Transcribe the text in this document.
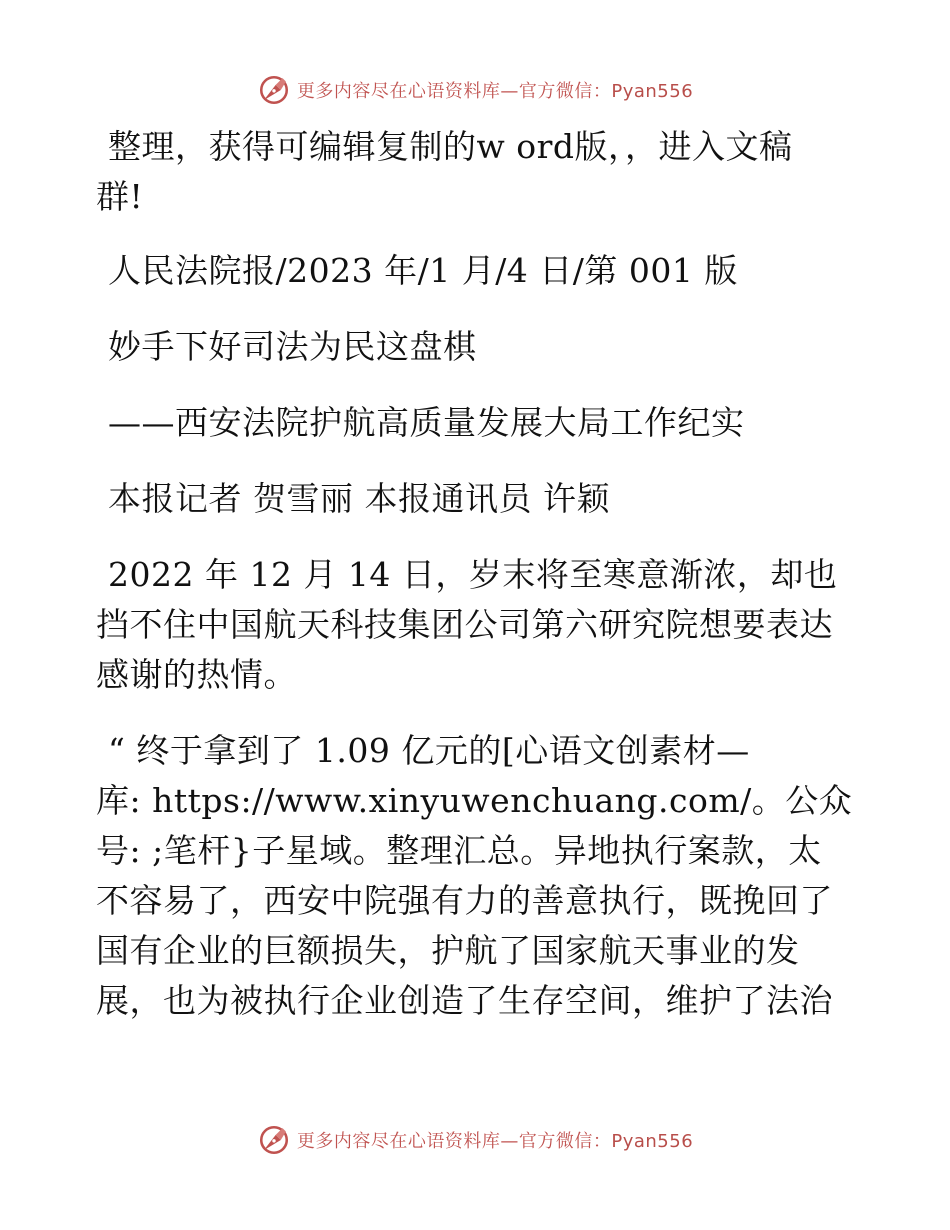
更多内容尽在心语资料库—官方微信：Pyan556
整理，获得可编辑复制的w ord版，，进入文稿
群!
人民法院报/2023 年/1 月/4 日/第 001 版
妙手下好司法为民这盘棋
——西安法院护航高质量发展大局工作纪实
本报记者 贺雪丽 本报通讯员 许颖
2022 年 12 月 14 日，岁末将至寒意渐浓，却也
挡不住中国航天科技集团公司第六研究院想要表达
感谢的热情。
“ 终于拿到了 1.09 亿元的[心语文创素材—
库: https://www.xinyuwenchuang.com/。公众
号: ;笔杆}子星域。整理汇总。异地执行案款，太
不容易了，西安中院强有力的善意执行，既挽回了
国有企业的巨额损失，护航了国家航天事业的发
展，也为被执行企业创造了生存空间，维护了法治
更多内容尽在心语资料库—官方微信：Pyan556
